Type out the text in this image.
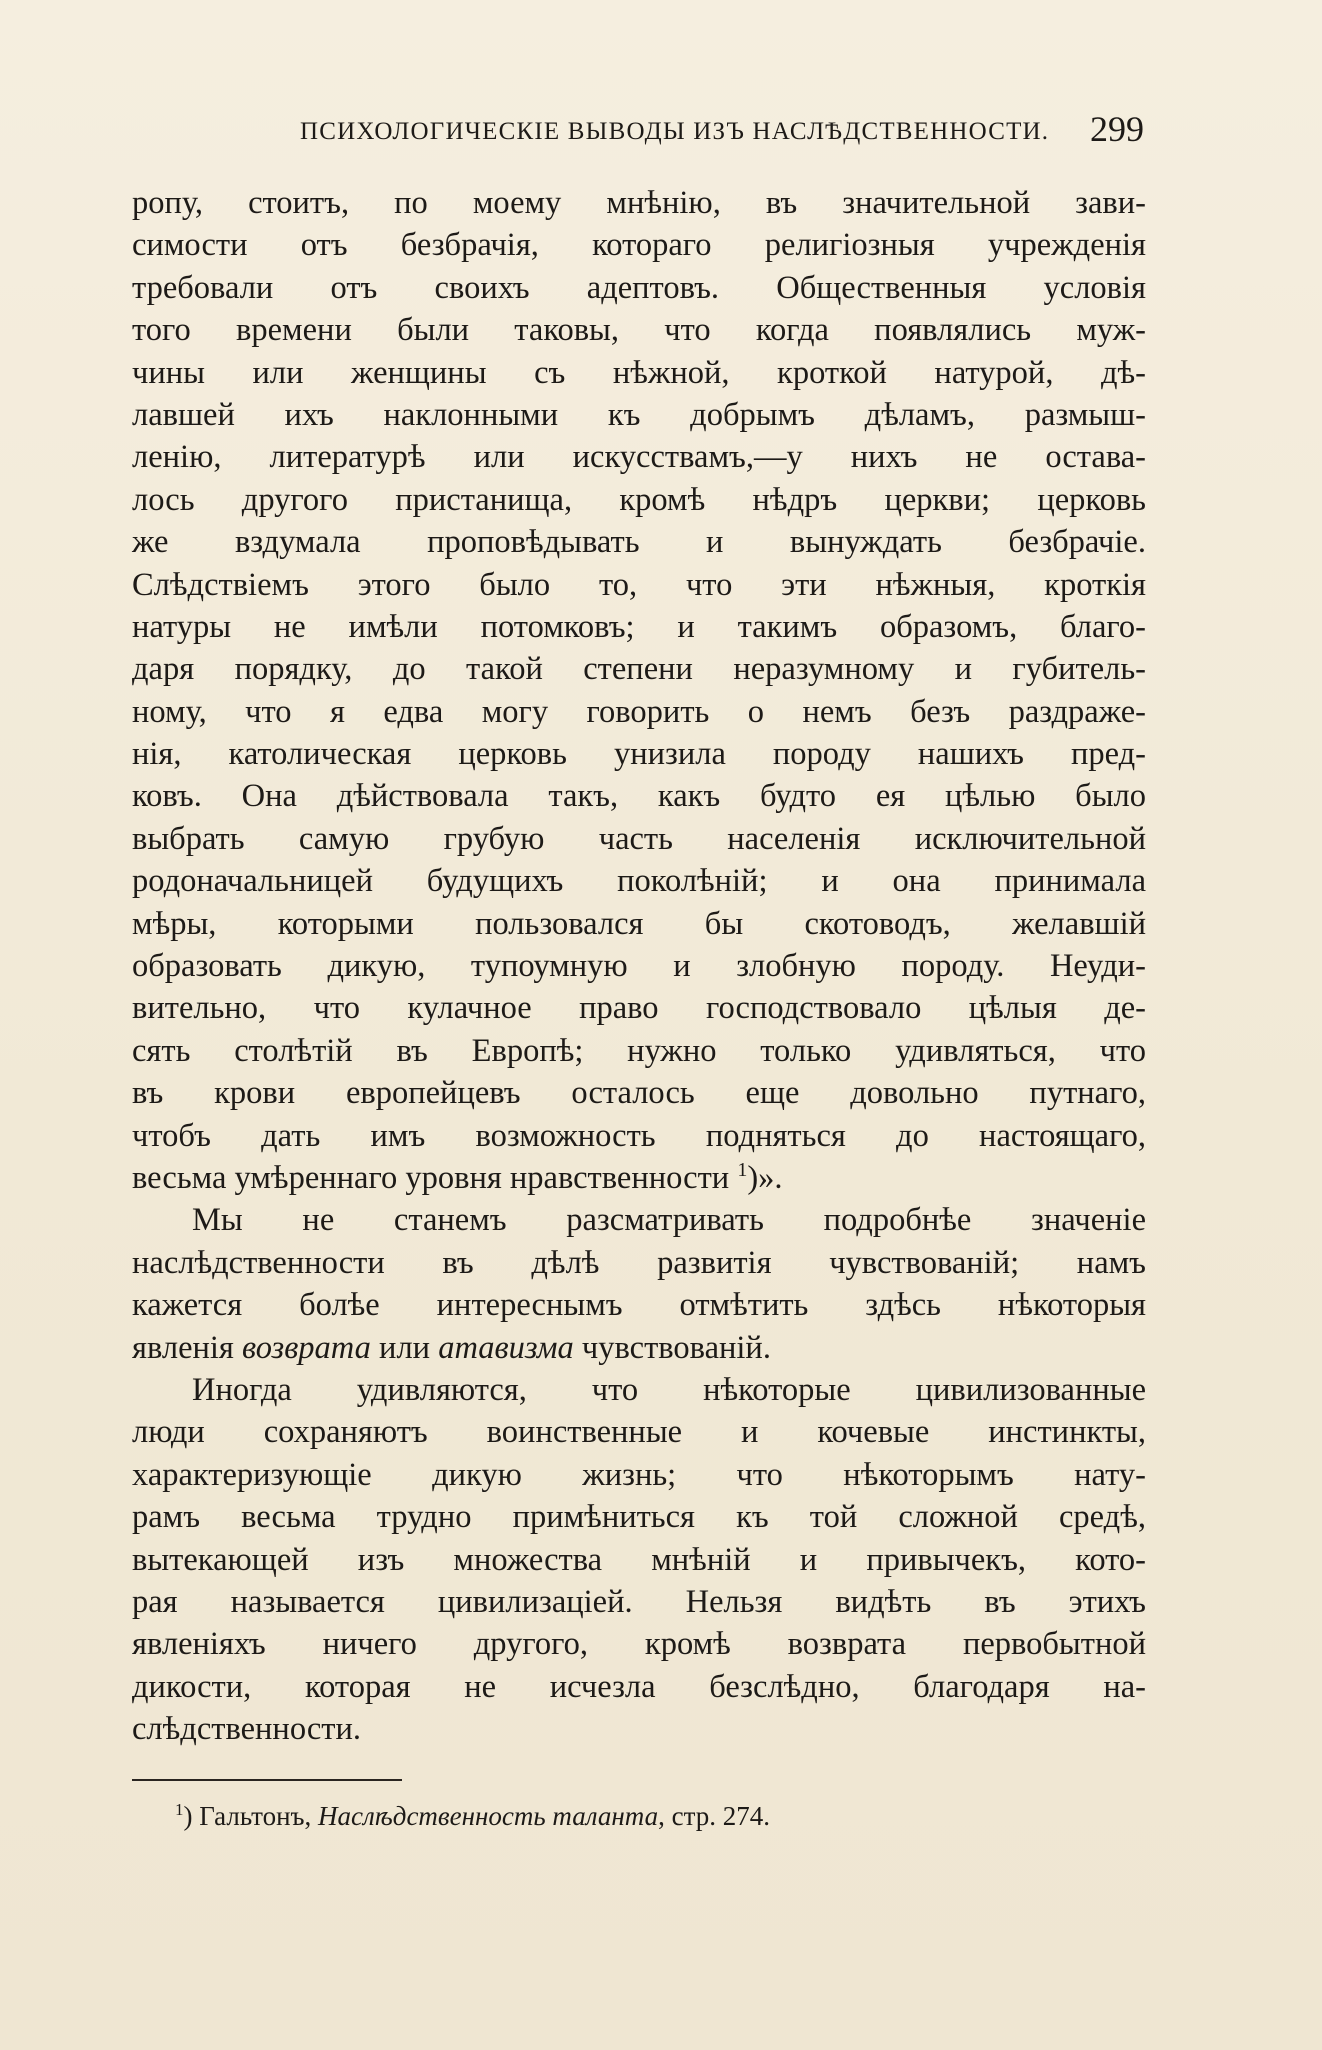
ПСИХОЛОГИЧЕСКІЕ ВЫВОДЫ ИЗЪ НАСЛѢДСТВЕННОСТИ. 299
ропу, стоитъ, по моему мнѣнію, въ значительной зави-
симости отъ безбрачія, котораго религіозныя учрежденія
требовали отъ своихъ адептовъ. Общественныя условія
того времени были таковы, что когда появлялись муж-
чины или женщины съ нѣжной, кроткой натурой, дѣ-
лавшей ихъ наклонными къ добрымъ дѣламъ, размыш-
ленію, литературѣ или искусствамъ,—у нихъ не остава-
лось другого пристанища, кромѣ нѣдръ церкви; церковь
же вздумала проповѣдывать и вынуждать безбрачіе.
Слѣдствіемъ этого было то, что эти нѣжныя, кроткія
натуры не имѣли потомковъ; и такимъ образомъ, благо-
даря порядку, до такой степени неразумному и губитель-
ному, что я едва могу говорить о немъ безъ раздраже-
нія, католическая церковь унизила породу нашихъ пред-
ковъ. Она дѣйствовала такъ, какъ будто ея цѣлью было
выбрать самую грубую часть населенія исключительной
родоначальницей будущихъ поколѣній; и она принимала
мѣры, которыми пользовался бы скотоводъ, желавшій
образовать дикую, тупоумную и злобную породу. Неуди-
вительно, что кулачное право господствовало цѣлыя де-
сять столѣтій въ Европѣ; нужно только удивляться, что
въ крови европейцевъ осталось еще довольно путнаго,
чтобъ дать имъ возможность подняться до настоящаго,
весьма умѣреннаго уровня нравственности $^1$)».
Мы не станемъ разсматривать подробнѣе значеніе
наслѣдственности въ дѣлѣ развитія чувствованій; намъ
кажется болѣе интереснымъ отмѣтить здѣсь нѣкоторыя
явленія возврата или атавизма чувствованій.
Иногда удивляются, что нѣкоторые цивилизованные
люди сохраняютъ воинственные и кочевые инстинкты,
характеризующіе дикую жизнь; что нѣкоторымъ нату-
рамъ весьма трудно примѣниться къ той сложной средѣ,
вытекающей изъ множества мнѣній и привычекъ, кото-
рая называется цивилизаціей. Нельзя видѣть въ этихъ
явленіяхъ ничего другого, кромѣ возврата первобытной
дикости, которая не исчезла безслѣдно, благодаря на-
слѣдственности.
$^1$) Гальтонъ, Наслѣдственность таланта, стр. 274.
